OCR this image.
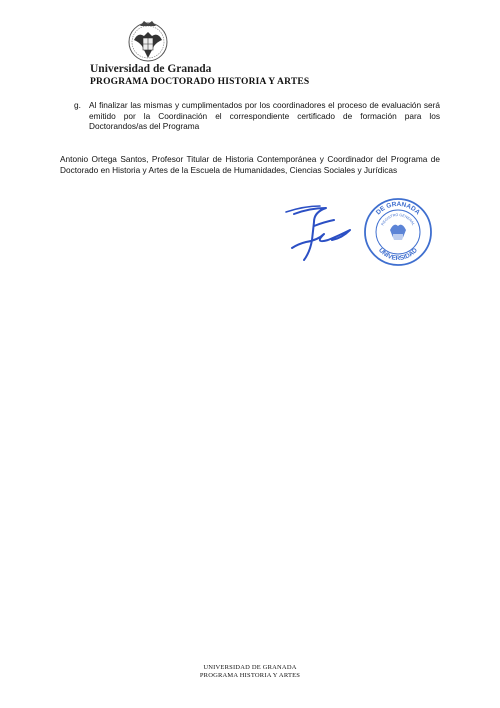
Universidad de Granada
PROGRAMA DOCTORADO HISTORIA Y ARTES
g. Al finalizar las mismas y cumplimentados por los coordinadores el proceso de evaluación será emitido por la Coordinación el correspondiente certificado de formación para los Doctorandos/as del Programa
Antonio Ortega Santos, Profesor Titular de Historia Contemporánea y Coordinador del Programa de Doctorado en Historia y Artes de la Escuela de Humanidades, Ciencias Sociales y Jurídicas
DE GRANADA
UNIVERSIDAD
REGISTRO GENERAL
UNIVERSIDAD DE GRANADA
PROGRAMA HISTORIA Y ARTES
